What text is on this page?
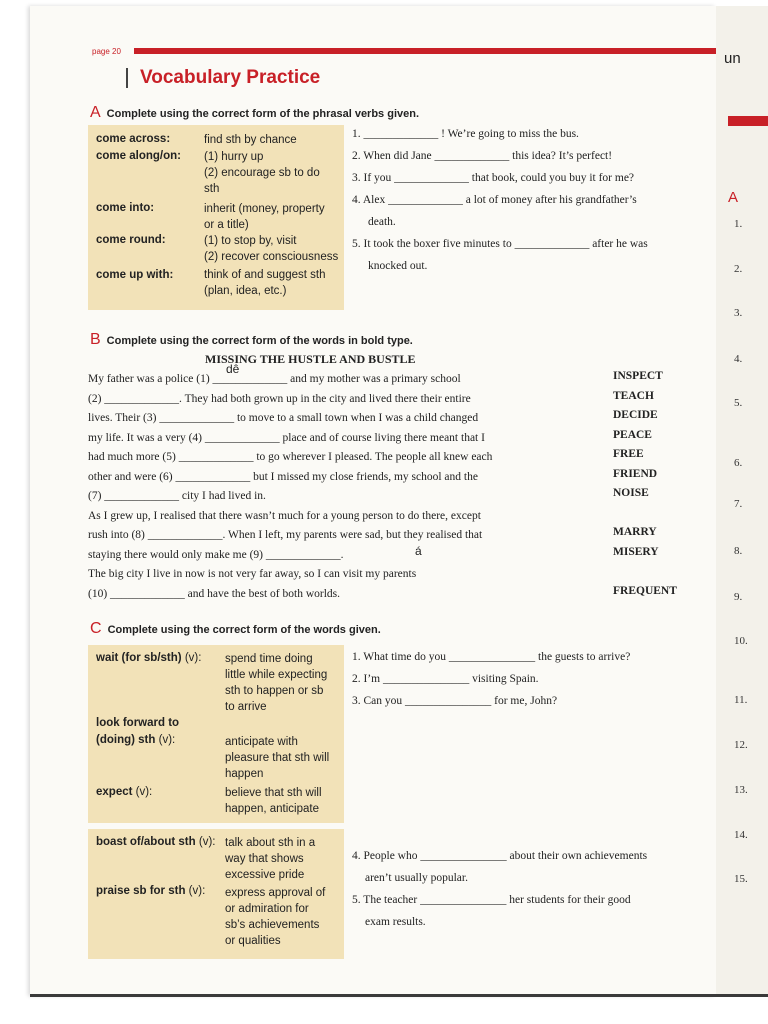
un
A
1.
2.
3.
4.
5.
6.
7.
8.
9.
10.
11.
12.
13.
14.
15.
page 20
Vocabulary Practice
A Complete using the correct form of the phrasal verbs given.
come across:	find sth by chance
come along/on: (1) hurry up
(2) encourage sb to do
sth
come into:	inherit (money, property
or a title)
come round:	(1) to stop by, visit
(2) recover consciousness
come up with:	think of and suggest sth
(plan, idea, etc.)
1. _____________ ! We’re going to miss the bus.
2. When did Jane _____________ this idea? It’s perfect!
3. If you _____________ that book, could you buy it for me?
4. Alex _____________ a lot of money after his grandfather’s
death.
5. It took the boxer five minutes to _____________ after he was
knocked out.
B Complete using the correct form of the words in bold type.
MISSING THE HUSTLE AND BUSTLE
dê
á
My father was a police (1) _____________ and my mother was a primary school
(2) _____________. They had both grown up in the city and lived there their entire
lives. Their (3) _____________ to move to a small town when I was a child changed
my life. It was a very (4) _____________ place and of course living there meant that I
had much more (5) _____________ to go wherever I pleased. The people all knew each
other and were (6) _____________ but I missed my close friends, my school and the
(7) _____________ city I had lived in.
As I grew up, I realised that there wasn’t much for a young person to do there, except
rush into (8) _____________. When I left, my parents were sad, but they realised that
staying there would only make me (9) _____________.
The big city I live in now is not very far away, so I can visit my parents
(10) _____________ and have the best of both worlds.
INSPECT
TEACH
DECIDE
PEACE
FREE
FRIEND
NOISE
MARRY
MISERY
FREQUENT
C Complete using the correct form of the words given.
wait (for sb/sth) (v): spend time doing
little while expecting
sth to happen or sb
to arrive
look forward to
(doing) sth (v):	anticipate with
pleasure that sth will
happen
expect (v):	believe that sth will
happen, anticipate
boast of/about sth (v): talk about sth in a
way that shows
excessive pride
praise sb for sth (v): express approval of
or admiration for
sb’s achievements
or qualities
1. What time do you _______________ the guests to arrive?
2. I’m _______________ visiting Spain.
3. Can you _______________ for me, John?
4. People who _______________ about their own achievements
aren’t usually popular.
5. The teacher _______________ her students for their good
exam results.
